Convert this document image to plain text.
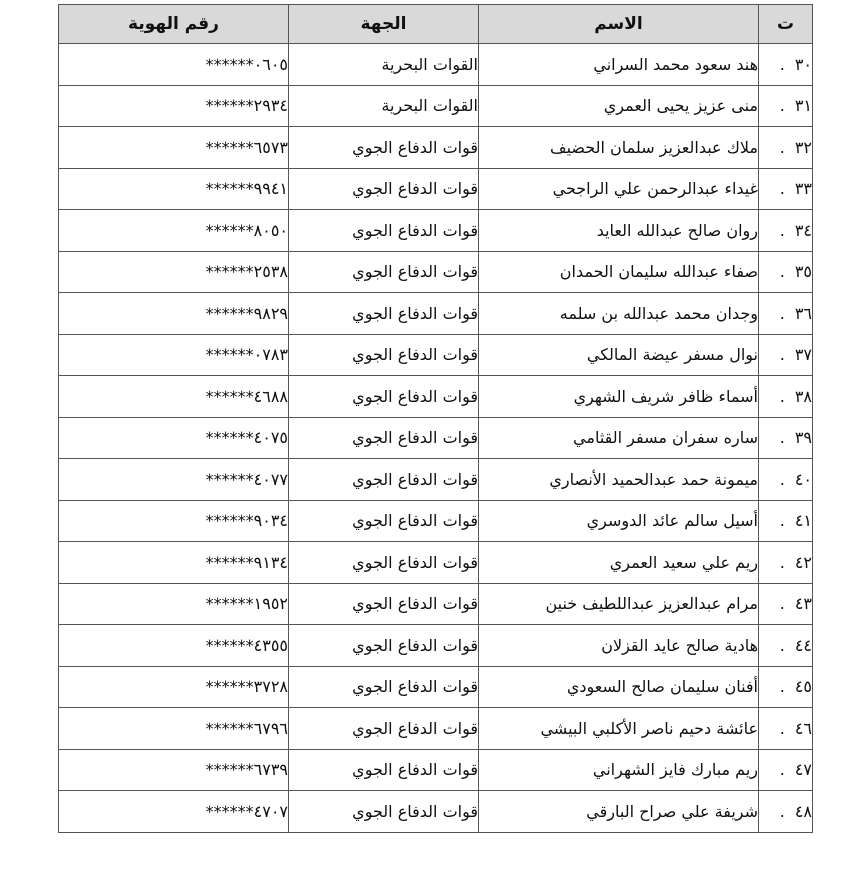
ت	الاسم	الجهة	رقم الهوية
٣٠.	هند سعود محمد السراني	القوات البحرية	******٠٦٠٥
٣١.	منى عزيز يحيى العمري	القوات البحرية	******٢٩٣٤
٣٢.	ملاك عبدالعزيز سلمان الحضيف	قوات الدفاع الجوي	******٦٥٧٣
٣٣.	غيداء عبدالرحمن علي الراجحي	قوات الدفاع الجوي	******٩٩٤١
٣٤.	روان صالح عبدالله العايد	قوات الدفاع الجوي	******٨٠٥٠
٣٥.	صفاء عبدالله سليمان الحمدان	قوات الدفاع الجوي	******٢٥٣٨
٣٦.	وجدان محمد عبدالله بن سلمه	قوات الدفاع الجوي	******٩٨٢٩
٣٧.	نوال مسفر عيضة المالكي	قوات الدفاع الجوي	******٠٧٨٣
٣٨.	أسماء ظافر شريف الشهري	قوات الدفاع الجوي	******٤٦٨٨
٣٩.	ساره سفران مسفر القثامي	قوات الدفاع الجوي	******٤٠٧٥
٤٠.	ميمونة حمد عبدالحميد الأنصاري	قوات الدفاع الجوي	******٤٠٧٧
٤١.	أسيل سالم عائد الدوسري	قوات الدفاع الجوي	******٩٠٣٤
٤٢.	ريم علي سعيد العمري	قوات الدفاع الجوي	******٩١٣٤
٤٣.	مرام عبدالعزيز عبداللطيف خنين	قوات الدفاع الجوي	******١٩٥٢
٤٤.	هادية صالح عايد القزلان	قوات الدفاع الجوي	******٤٣٥٥
٤٥.	أفنان سليمان صالح السعودي	قوات الدفاع الجوي	******٣٧٢٨
٤٦.	عائشة دحيم ناصر الأكلبي البيشي	قوات الدفاع الجوي	******٦٧٩٦
٤٧.	ريم مبارك فايز الشهراني	قوات الدفاع الجوي	******٦٧٣٩
٤٨.	شريفة علي صراح البارقي	قوات الدفاع الجوي	******٤٧٠٧
